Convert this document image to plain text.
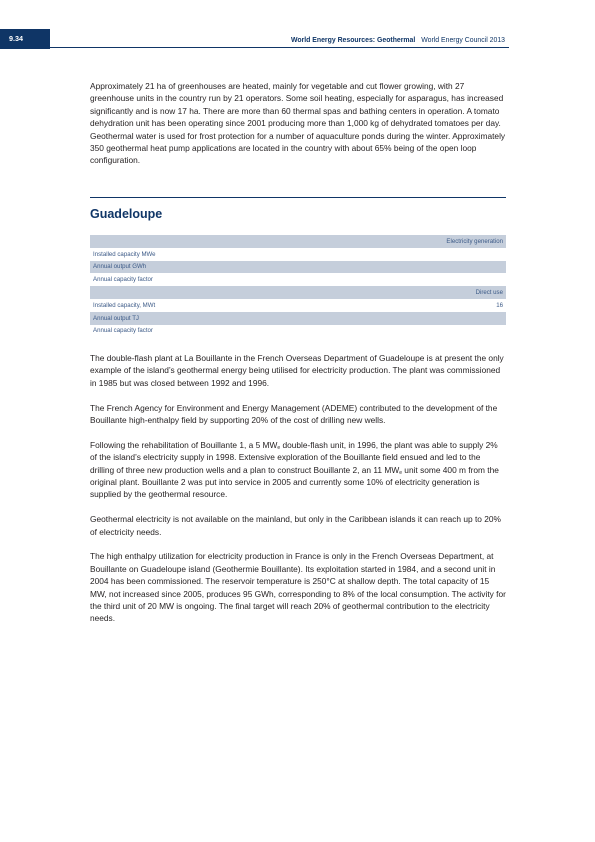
9.34	World Energy Resources: Geothermal World Energy Council 2013

Approximately 21 ha of greenhouses are heated, mainly for vegetable and cut flower growing, with 27 greenhouse units in the country run by 21 operators. Some soil heating, especially for asparagus, has increased significantly and is now 17 ha. There are more than 60 thermal spas and bathing centers in operation. A tomato dehydration unit has been operating since 2001 producing more than 1,000 kg of dehydrated tomatoes per day. Geothermal water is used for frost protection for a number of aquaculture ponds during the winter. Approximately 350 geothermal heat pump applications are located in the country with about 65% being of the open loop configuration.

Guadeloupe
Electricity generation
Installed capacity MWe
Annual output GWh
Annual capacity factor
Direct use
Installed capacity, MWt	16
Annual output TJ
Annual capacity factor

The double-flash plant at La Bouillante in the French Overseas Department of Guadeloupe is at present the only example of the island’s geothermal energy being utilised for electricity production. The plant was commissioned in 1985 but was closed between 1992 and 1996.

The French Agency for Environment and Energy Management (ADEME) contributed to the development of the Bouillante high-enthalpy field by supporting 20% of the cost of drilling new wells.

Following the rehabilitation of Bouillante 1, a 5 $MW_e$ double-flash unit, in 1996, the plant was able to supply 2% of the island’s electricity supply in 1998. Extensive exploration of the Bouillante field ensued and led to the drilling of three new production wells and a plan to construct Bouillante 2, an 11 $MW_e$ unit some 400 m from the original plant. Bouillante 2 was put into service in 2005 and currently some 10% of electricity generation is supplied by the geothermal resource.

Geothermal electricity is not available on the mainland, but only in the Caribbean islands it can reach up to 20% of electricity needs.

The high enthalpy utilization for electricity production in France is only in the French Overseas Department, at Bouillante on Guadeloupe island (Geothermie Bouillante). Its exploitation started in 1984, and a second unit in 2004 has been commissioned. The reservoir temperature is 250°C at shallow depth. The total capacity of 15 MW, not increased since 2005, produces 95 GWh, corresponding to 8% of the local consumption. The activity for the third unit of 20 MW is ongoing. The final target will reach 20% of geothermal contribution to the electricity needs.
